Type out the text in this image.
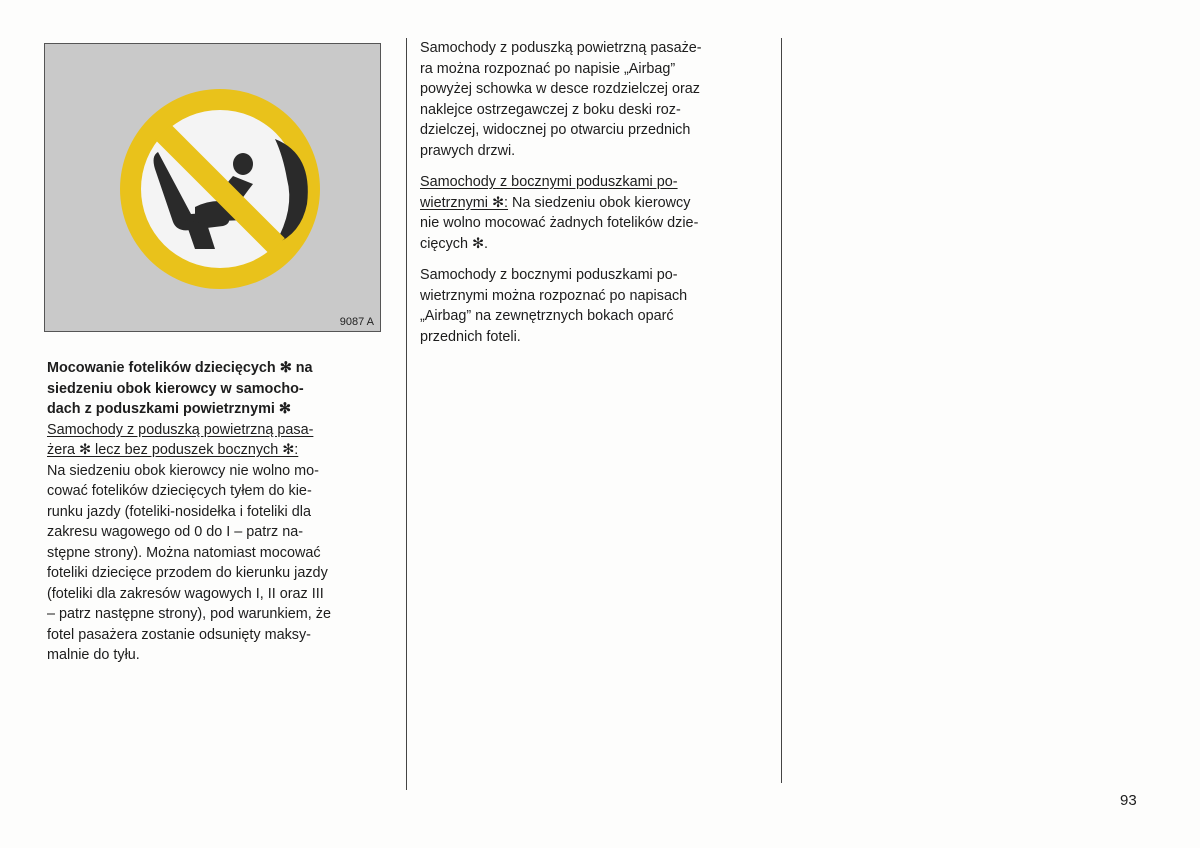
9087 A

Mocowanie fotelików dziecięcych ✻ na
siedzeniu obok kierowcy w samocho-
dach z poduszkami powietrznymi ✻
Samochody z poduszką powietrzną pasa-
żera ✻ lecz bez poduszek bocznych ✻:
Na siedzeniu obok kierowcy nie wolno mo-
cować fotelików dziecięcych tyłem do kie-
runku jazdy (foteliki-nosidełka i foteliki dla
zakresu wagowego od 0 do I – patrz na-
stępne strony). Można natomiast mocować
foteliki dziecięce przodem do kierunku jazdy
(foteliki dla zakresów wagowych I, II oraz III
– patrz następne strony), pod warunkiem, że
fotel pasażera zostanie odsunięty maksy-
malnie do tyłu.

Samochody z poduszką powietrzną pasaże-
ra można rozpoznać po napisie „Airbag”
powyżej schowka w desce rozdzielczej oraz
naklejce ostrzegawczej z boku deski roz-
dzielczej, widocznej po otwarciu przednich
prawych drzwi.

Samochody z bocznymi poduszkami po-
wietrznymi ✻: Na siedzeniu obok kierowcy
nie wolno mocować żadnych fotelików dzie-
cięcych ✻.

Samochody z bocznymi poduszkami po-
wietrznymi można rozpoznać po napisach
„Airbag” na zewnętrznych bokach oparć
przednich foteli.

93
